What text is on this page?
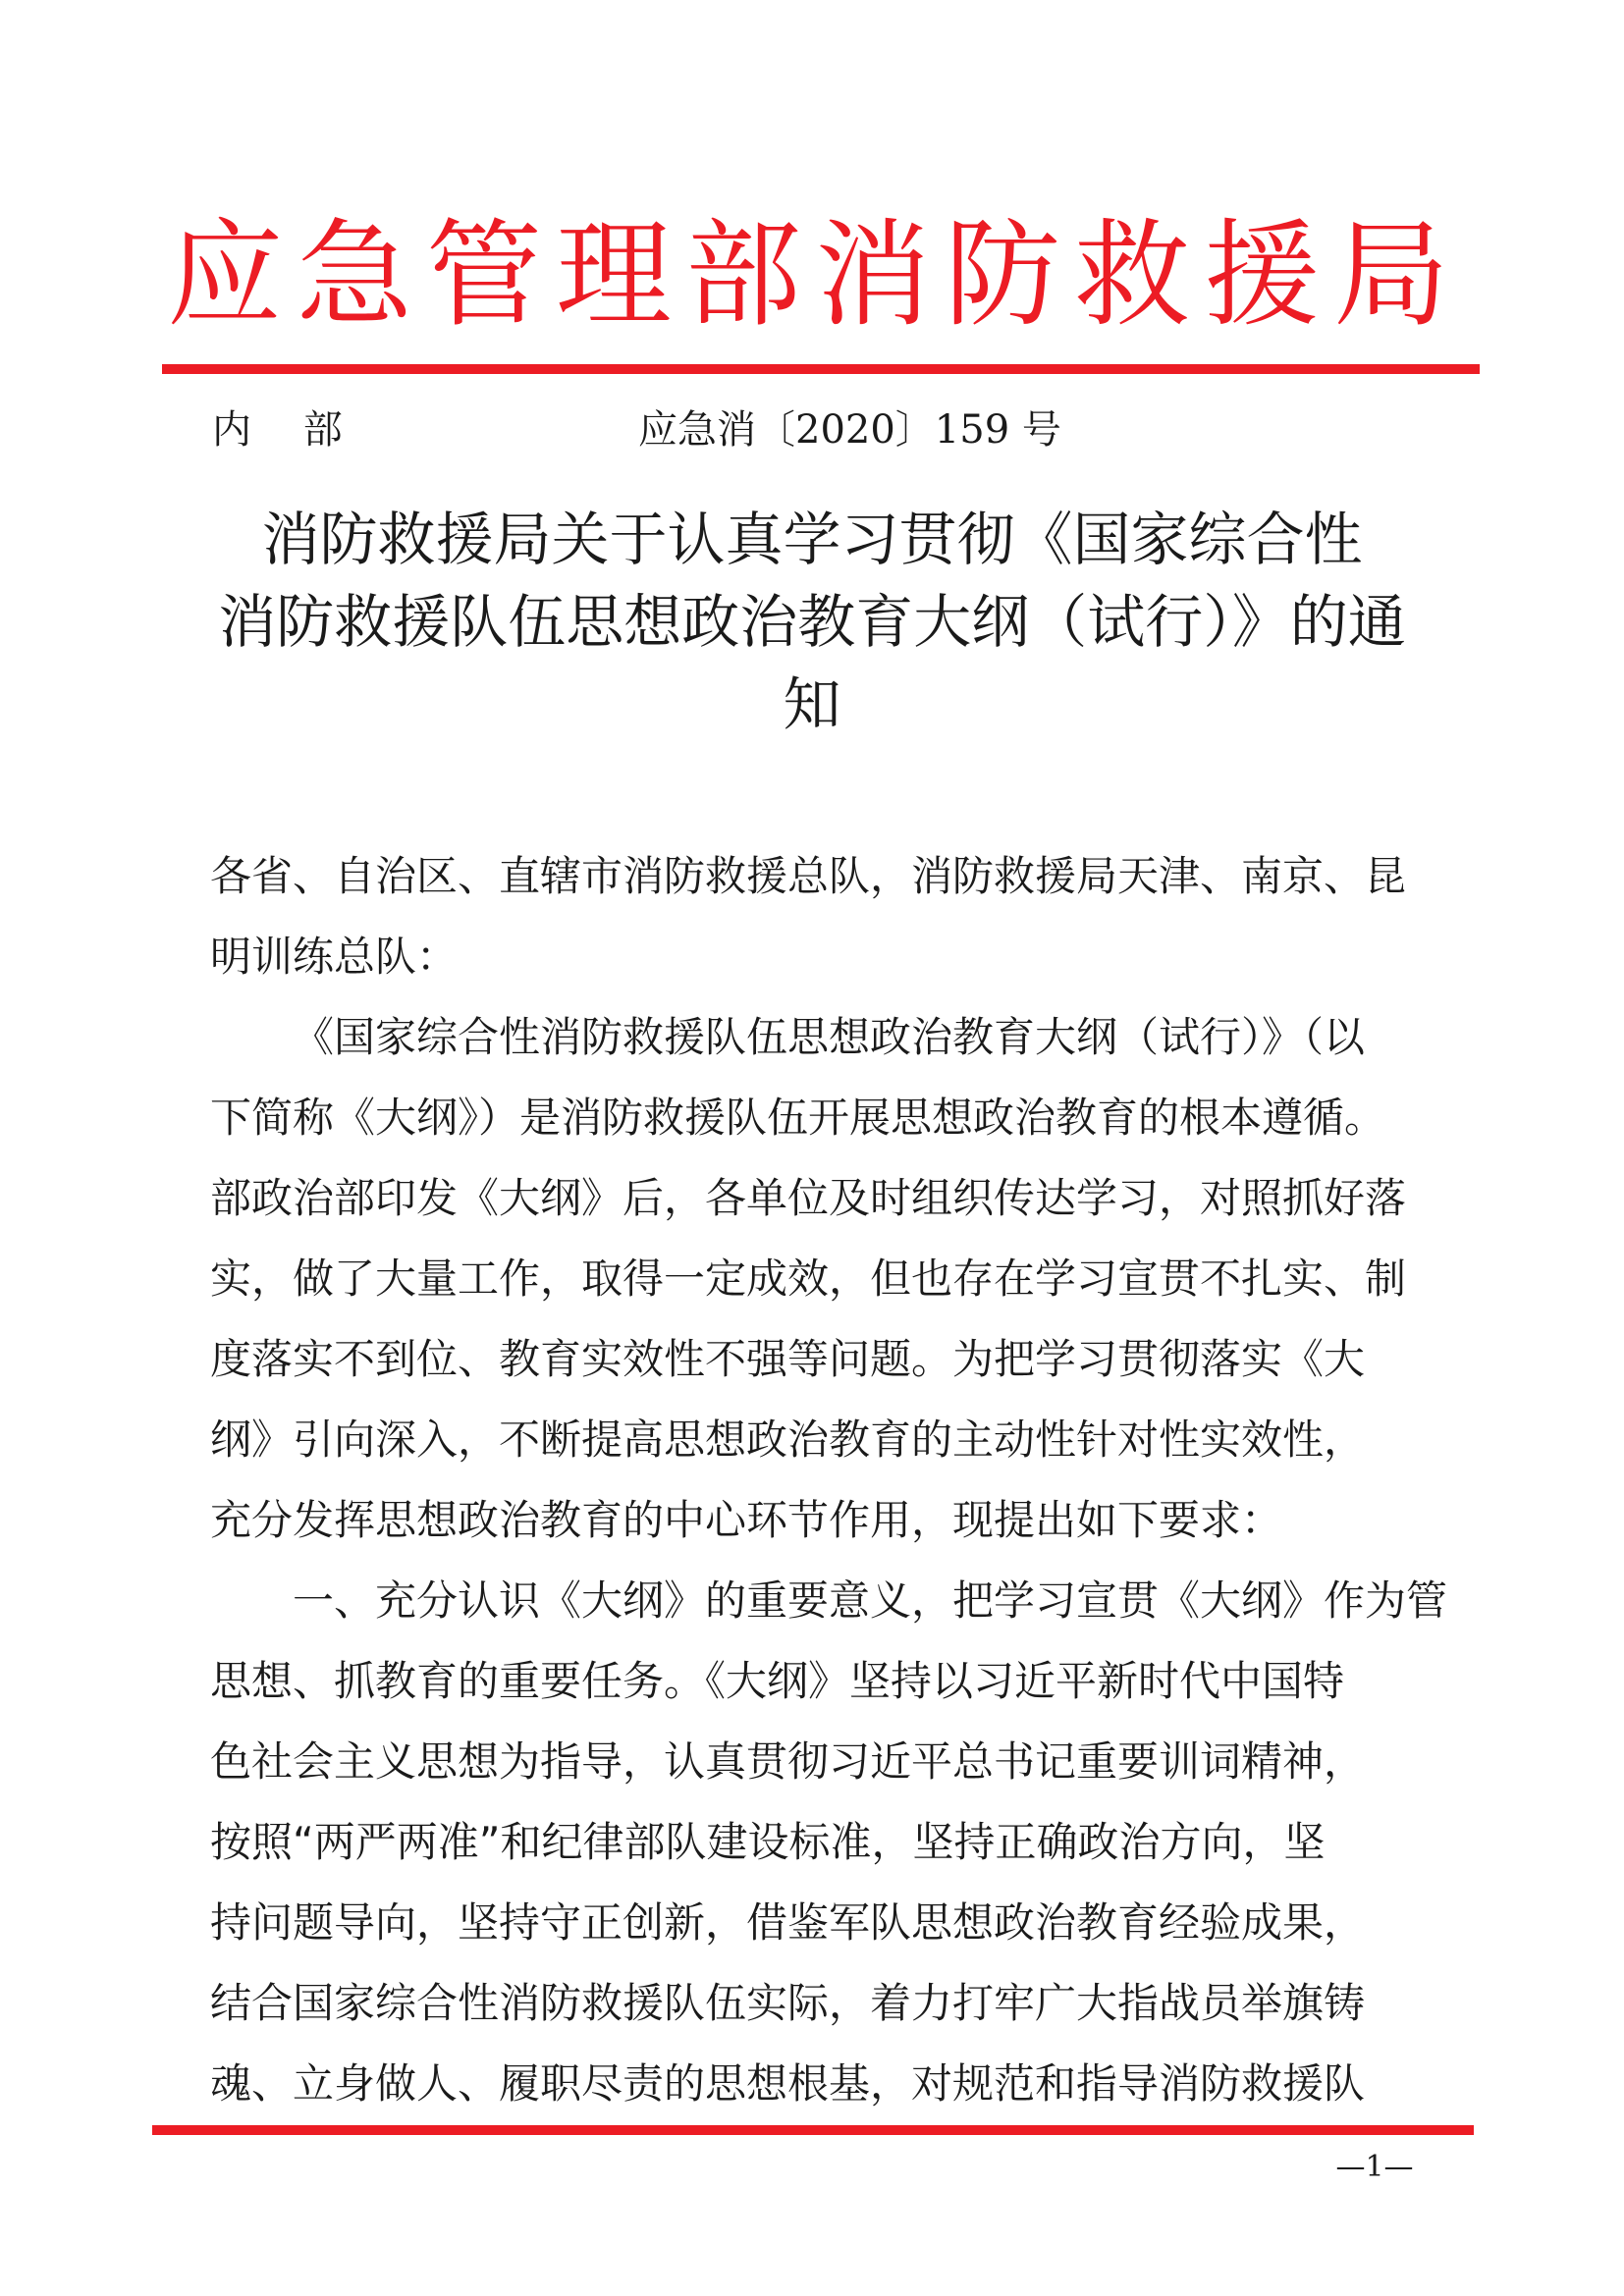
应急管理部消防救援局
内 部	应急消〔2020〕159 号
消防救援局关于认真学习贯彻《国家综合性
消防救援队伍思想政治教育大纲（试行）》的通
知
各省、自治区、直辖市消防救援总队，消防救援局天津、南京、昆
明训练总队：
《国家综合性消防救援队伍思想政治教育大纲（试行）》（以
下简称《大纲》）是消防救援队伍开展思想政治教育的根本遵循。
部政治部印发《大纲》后，各单位及时组织传达学习，对照抓好落
实，做了大量工作，取得一定成效，但也存在学习宣贯不扎实、制
度落实不到位、教育实效性不强等问题。为把学习贯彻落实《大
纲》引向深入，不断提高思想政治教育的主动性针对性实效性，
充分发挥思想政治教育的中心环节作用，现提出如下要求：
一、充分认识《大纲》的重要意义，把学习宣贯《大纲》作为管
思想、抓教育的重要任务。《大纲》坚持以习近平新时代中国特
色社会主义思想为指导，认真贯彻习近平总书记重要训词精神，
按照“两严两准”和纪律部队建设标准，坚持正确政治方向，坚
持问题导向，坚持守正创新，借鉴军队思想政治教育经验成果，
结合国家综合性消防救援队伍实际，着力打牢广大指战员举旗铸
魂、立身做人、履职尽责的思想根基，对规范和指导消防救援队
—1—
